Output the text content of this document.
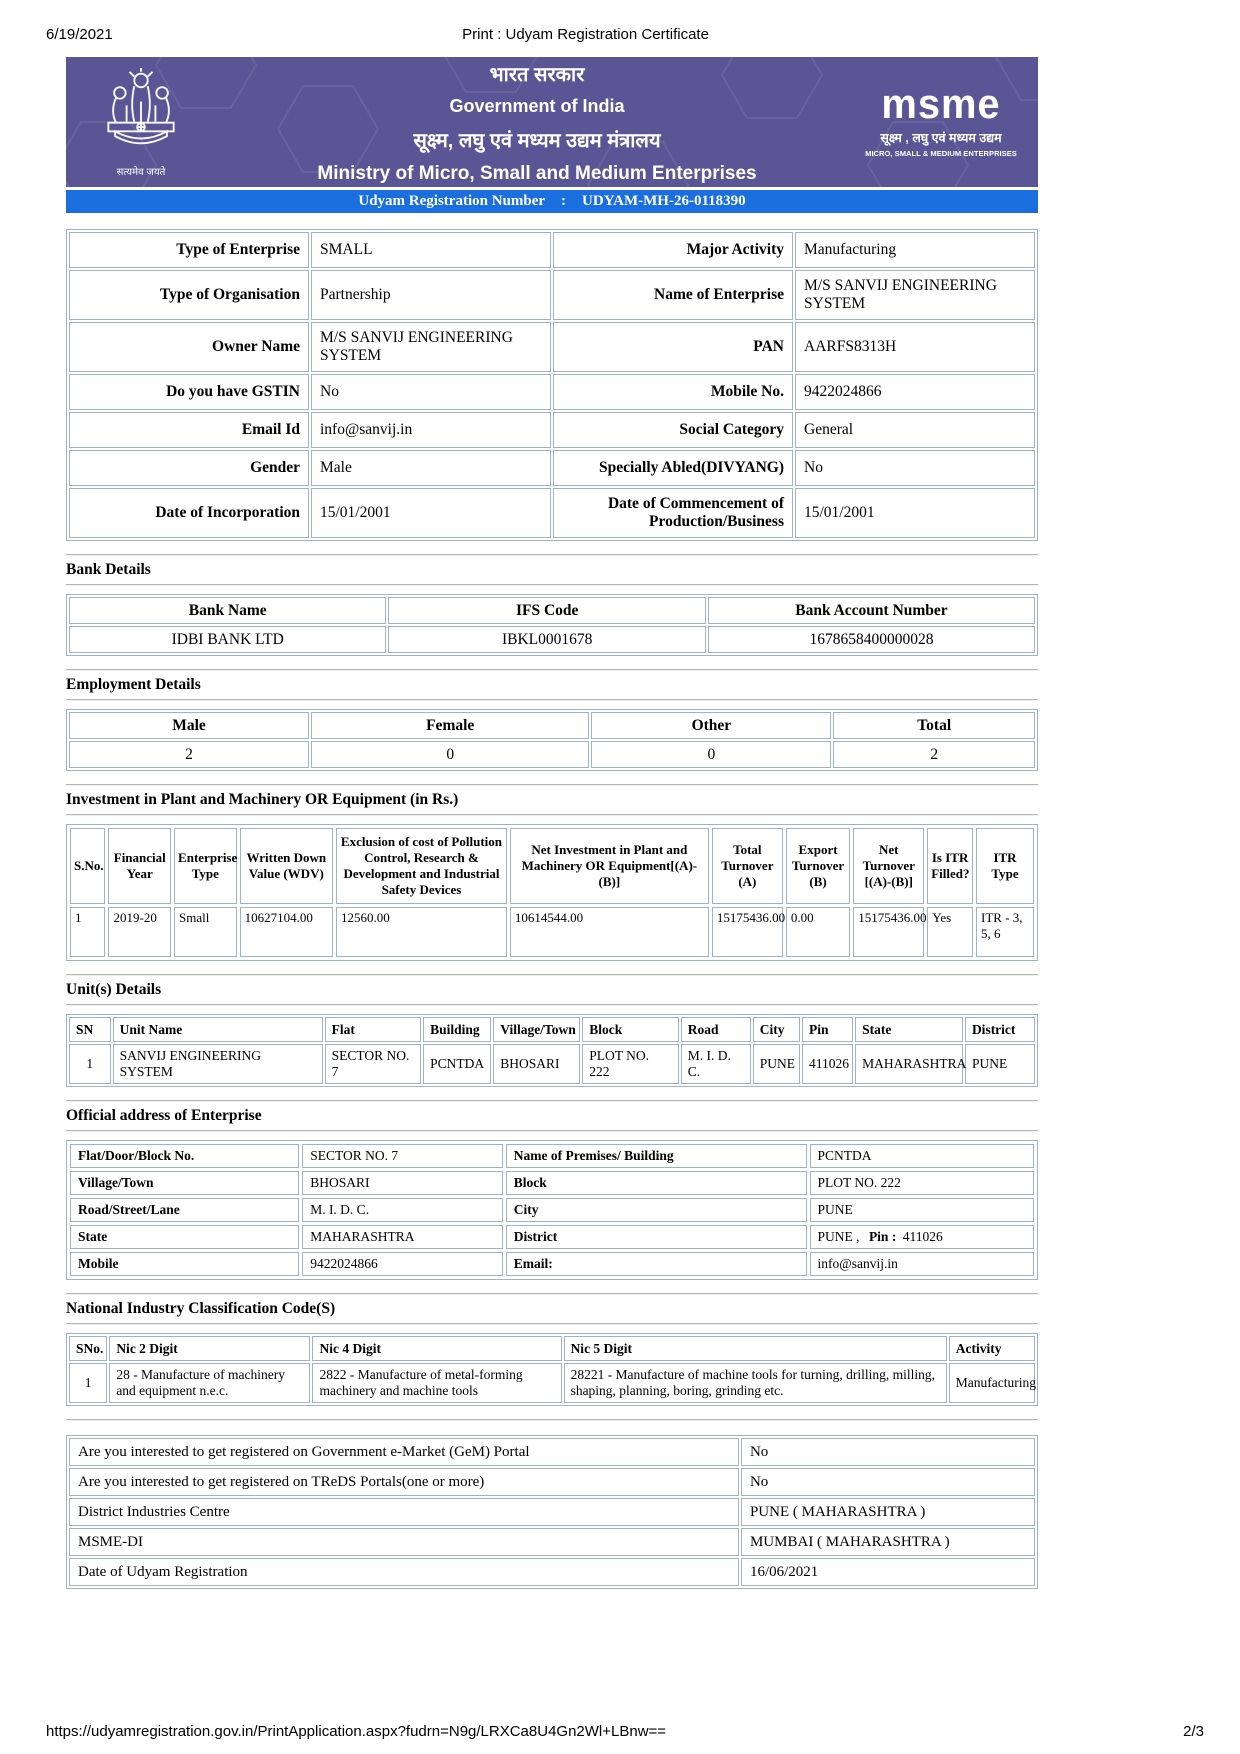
6/19/2021	Print : Udyam Registration Certificate
सत्यमेव जयते
भारत सरकार
Government of India
सूक्ष्म, लघु एवं मध्यम उद्यम मंत्रालय
Ministry of Micro, Small and Medium Enterprises
msme
सूक्ष्म , लघु एवं मध्यम उद्यम
MICRO, SMALL & MEDIUM ENTERPRISES
Udyam Registration Number : UDYAM-MH-26-0118390
Type of Enterprise	SMALL	Major Activity	Manufacturing
Type of Organisation	Partnership	Name of Enterprise	M/S SANVIJ ENGINEERING SYSTEM
Owner Name	M/S SANVIJ ENGINEERING SYSTEM	PAN	AARFS8313H
Do you have GSTIN	No	Mobile No.	9422024866
Email Id	info@sanvij.in	Social Category	General
Gender	Male	Specially Abled(DIVYANG)	No
Date of Incorporation	15/01/2001	Date of Commencement of Production/Business	15/01/2001
Bank Details
Bank Name	IFS Code	Bank Account Number
IDBI BANK LTD	IBKL0001678	1678658400000028
Employment Details
Male	Female	Other	Total
2	0	0	2
Investment in Plant and Machinery OR Equipment (in Rs.)
S.No.	Financial Year	Enterprise Type	Written Down Value (WDV)	Exclusion of cost of Pollution Control, Research & Development and Industrial Safety Devices	Net Investment in Plant and Machinery OR Equipment[(A)-(B)]	Total Turnover (A)	Export Turnover (B)	Net Turnover [(A)-(B)]	Is ITR Filled?	ITR Type
1	2019-20	Small	10627104.00	12560.00	10614544.00	15175436.00	0.00	15175436.00	Yes	ITR - 3, 5, 6
Unit(s) Details
SN	Unit Name	Flat	Building	Village/Town	Block	Road	City	Pin	State	District
1	SANVIJ ENGINEERING SYSTEM	SECTOR NO. 7	PCNTDA	BHOSARI	PLOT NO. 222	M. I. D. C.	PUNE	411026	MAHARASHTRA	PUNE
Official address of Enterprise
Flat/Door/Block No.	SECTOR NO. 7	Name of Premises/ Building	PCNTDA
Village/Town	BHOSARI	Block	PLOT NO. 222
Road/Street/Lane	M. I. D. C.	City	PUNE
State	MAHARASHTRA	District	PUNE , Pin : 411026
Mobile	9422024866	Email:	info@sanvij.in
National Industry Classification Code(S)
SNo.	Nic 2 Digit	Nic 4 Digit	Nic 5 Digit	Activity
1	28 - Manufacture of machinery and equipment n.e.c.	2822 - Manufacture of metal-forming machinery and machine tools	28221 - Manufacture of machine tools for turning, drilling, milling, shaping, planning, boring, grinding etc.	Manufacturing
Are you interested to get registered on Government e-Market (GeM) Portal	No
Are you interested to get registered on TReDS Portals(one or more)	No
District Industries Centre	PUNE ( MAHARASHTRA )
MSME-DI	MUMBAI ( MAHARASHTRA )
Date of Udyam Registration	16/06/2021
https://udyamregistration.gov.in/PrintApplication.aspx?fudrn=N9g/LRXCa8U4Gn2Wl+LBnw==	2/3
